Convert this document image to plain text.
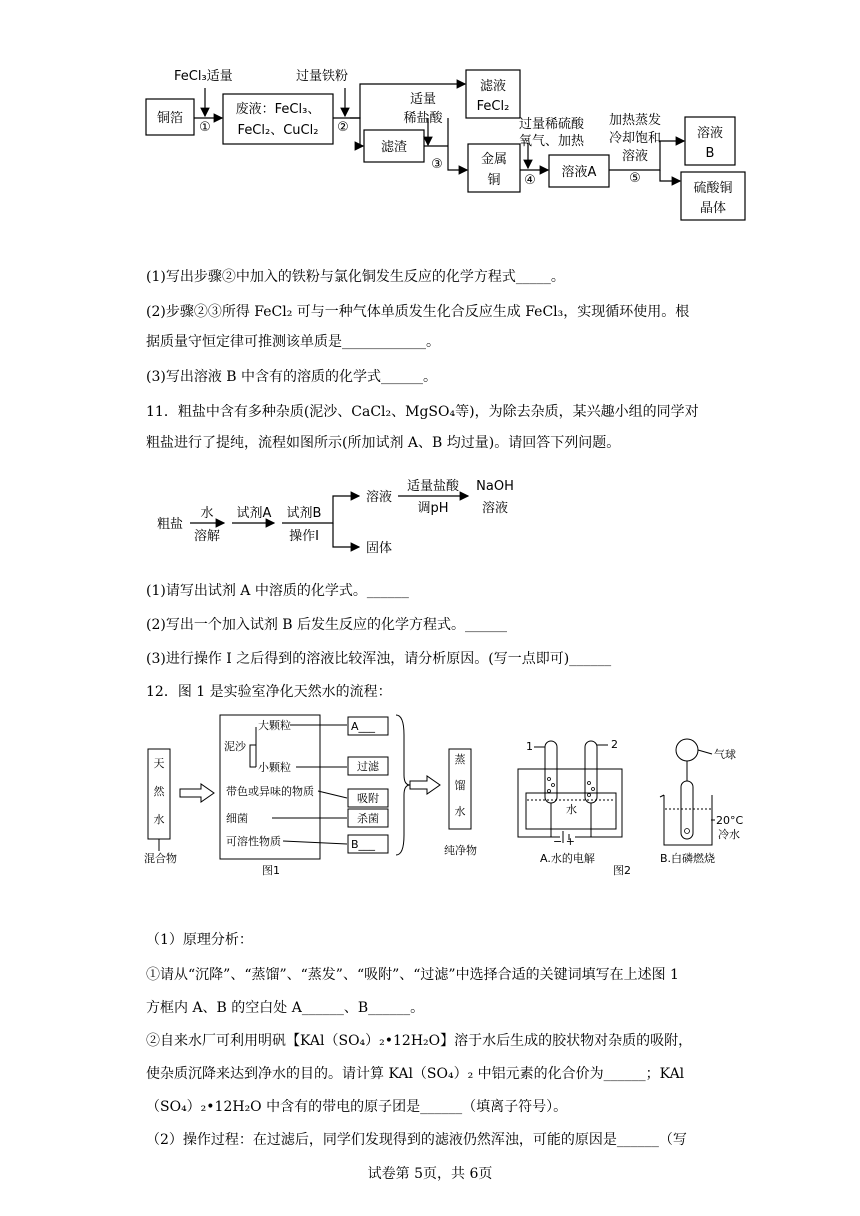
FeCl₃适量
铜箔
①
废液：FeCl₃、
FeCl₂、CuCl₂
过量铁粉
②
滤液
FeCl₂
适量
稀盐酸
滤渣
③	金属
铜
过量稀硫酸
氧气、加热
④
溶液A
加热蒸发
冷却饱和
溶液
⑤
溶液
B
硫酸铜
晶体
(1)写出步骤②中加入的铁粉与氯化铜发生反应的化学方程式_____。
(2)步骤②③所得 FeCl₂ 可与一种气体单质发生化合反应生成 FeCl₃，实现循环使用。根
据质量守恒定律可推测该单质是____________。
(3)写出溶液 B 中含有的溶质的化学式______。
11．粗盐中含有多种杂质(泥沙、CaCl₂、MgSO₄等)，为除去杂质，某兴趣小组的同学对
粗盐进行了提纯，流程如图所示(所加试剂 A、B 均过量)。请回答下列问题。
粗盐
水
溶解
试剂A 试剂B
操作I
溶液
适量盐酸
调pH
NaOH
溶液
固体
(1)请写出试剂 A 中溶质的化学式。______
(2)写出一个加入试剂 B 后发生反应的化学方程式。______
(3)进行操作 I 之后得到的溶液比较浑浊，请分析原因。(写一点即可)______
12．图 1 是实验室净化天然水的流程：
天
然
水
混合物
大颗粒
泥沙
小颗粒
带色或异味的物质
细菌
可溶性物质
A___
过滤
吸附
杀菌
B___
蒸
馏
水
纯净物
图1
1	2
水
− +
A.水的电解
图2
气球
20°C
冷水
B.白磷燃烧
（1）原理分析：
①请从“沉降”、“蒸馏”、“蒸发”、“吸附”、“过滤”中选择合适的关键词填写在上述图 1
方框内 A、B 的空白处 A______、B______。
②自来水厂可利用明矾【KAl（SO₄）₂•12H₂O】溶于水后生成的胶状物对杂质的吸附，
使杂质沉降来达到净水的目的。请计算 KAl（SO₄）₂ 中铝元素的化合价为______；KAl
（SO₄）₂•12H₂O 中含有的带电的原子团是______（填离子符号）。
（2）操作过程：在过滤后，同学们发现得到的滤液仍然浑浊，可能的原因是______（写
试卷第 5页，共 6页
